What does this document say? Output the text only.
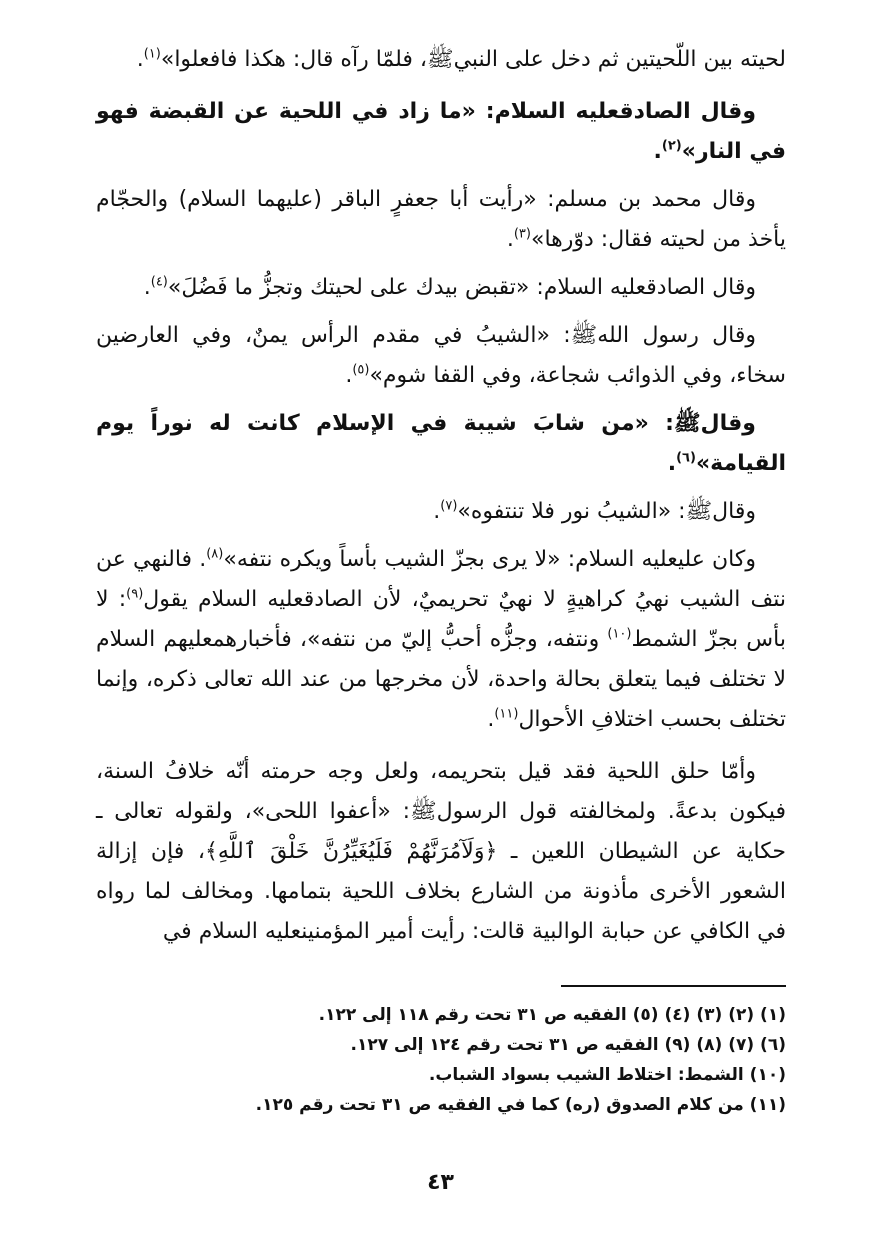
لحيته بين اللّحيتين ثم دخل على النبيﷺ، فلمّا رآه قال: هكذا فافعلوا»$^{(١)}$.

وقال الصادقعليه السلام: «ما زاد في اللحية عن القبضة فهو في النار»$^{(٢)}$.

وقال محمد بن مسلم: «رأيت أبا جعفرٍ الباقر (عليهما السلام) والحجّام يأخذ من لحيته فقال: دوّرها»$^{(٣)}$.

وقال الصادقعليه السلام: «تقبض بيدك على لحيتك وتجزُّ ما فَضُلَ»$^{(٤)}$.

وقال رسول اللهﷺ: «الشيبُ في مقدم الرأس يمنٌ، وفي العارضين سخاء، وفي الذوائب شجاعة، وفي القفا شوم»$^{(٥)}$.

وقالﷺ: «من شابَ شيبة في الإسلام كانت له نوراً يوم القيامة»$^{(٦)}$.

وقالﷺ: «الشيبُ نور فلا تنتفوه»$^{(٧)}$.

وكان عليعليه السلام: «لا يرى بجزّ الشيب بأساً ويكره نتفه»$^{(٨)}$. فالنهي عن نتف الشيب نهيُ كراهيةٍ لا نهيٌ تحريميٌ، لأن الصادقعليه السلام يقول$^{(٩)}$: لا بأس بجزّ الشمط$^{(١٠)}$ ونتفه، وجزُّه أحبُّ إليّ من نتفه»، فأخبارهمعليهم السلام لا تختلف فيما يتعلق بحالة واحدة، لأن مخرجها من عند الله تعالى ذكره، وإنما تختلف بحسب اختلافِ الأحوال$^{(١١)}$.

وأمّا حلق اللحية فقد قيل بتحريمه، ولعل وجه حرمته أنّه خلافُ السنة، فيكون بدعةً. ولمخالفته قول الرسولﷺ: «أعفوا اللحى»، ولقوله تعالى ـ حكاية عن الشيطان اللعين ـ ﴿وَلَآمُرَنَّهُمْ فَلَيُغَيِّرُنَّ خَلْقَ ٱللَّهِ﴾، فإن إزالة الشعور الأخرى مأذونة من الشارع بخلاف اللحية بتمامها. ومخالف لما رواه في الكافي عن حبابة الوالبية قالت: رأيت أمير المؤمنينعليه السلام في

(١) (٢) (٣) (٤) (٥) الفقيه ص ٣١ تحت رقم ١١٨ إلى ١٢٢.

(٦) (٧) (٨) (٩) الفقيه ص ٣١ تحت رقم ١٢٤ إلى ١٢٧.

(١٠) الشمط: اختلاط الشيب بسواد الشباب.

(١١) من كلام الصدوق (ره) كما في الفقيه ص ٣١ تحت رقم ١٢٥.

٤٣
